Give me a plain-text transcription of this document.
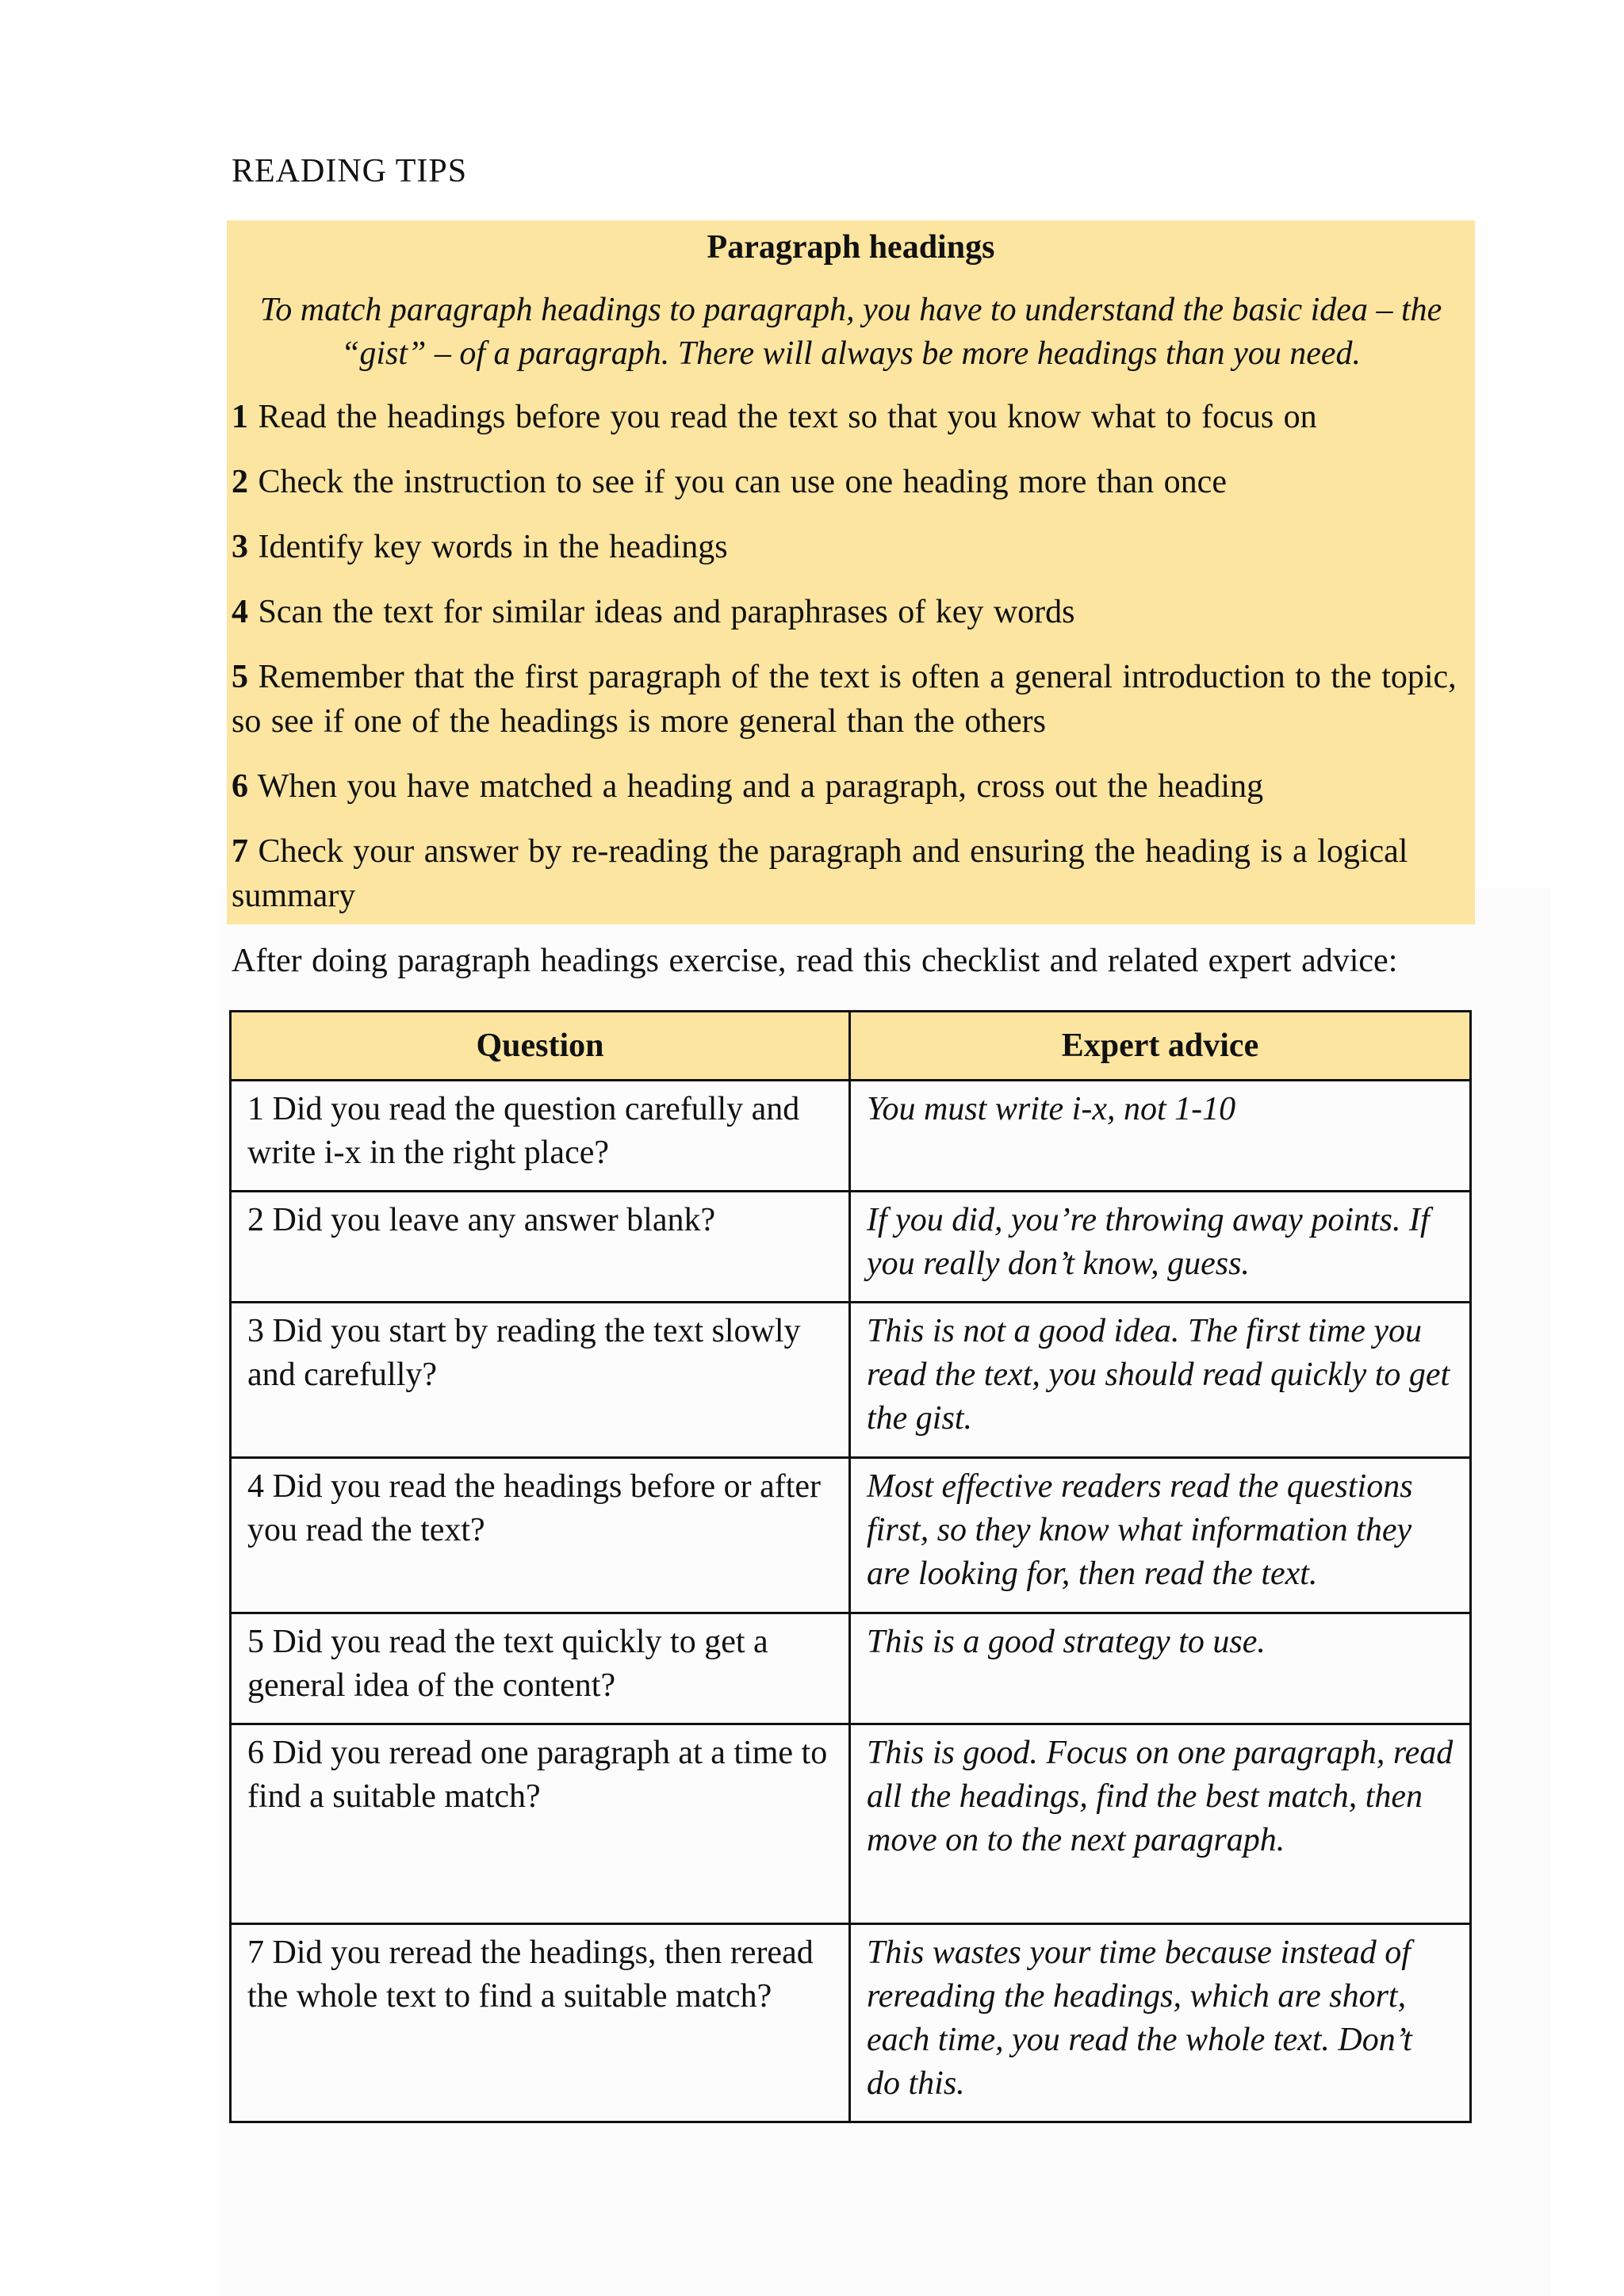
READING TIPS
Paragraph headings
To match paragraph headings to paragraph, you have to understand the basic idea – the “gist” – of a paragraph. There will always be more headings than you need.
1 Read the headings before you read the text so that you know what to focus on
2 Check the instruction to see if you can use one heading more than once
3 Identify key words in the headings
4 Scan the text for similar ideas and paraphrases of key words
5 Remember that the first paragraph of the text is often a general introduction to the topic, so see if one of the headings is more general than the others
6 When you have matched a heading and a paragraph, cross out the heading
7 Check your answer by re-reading the paragraph and ensuring the heading is a logical summary
After doing paragraph headings exercise, read this checklist and related expert advice:
Question	Expert advice
1 Did you read the question carefully and write i-x in the right place?	You must write i-x, not 1-10
2 Did you leave any answer blank?	If you did, you’re throwing away points. If you really don’t know, guess.
3 Did you start by reading the text slowly and carefully?	This is not a good idea. The first time you read the text, you should read quickly to get the gist.
4 Did you read the headings before or after you read the text?	Most effective readers read the questions first, so they know what information they are looking for, then read the text.
5 Did you read the text quickly to get a general idea of the content?	This is a good strategy to use.
6 Did you reread one paragraph at a time to find a suitable match?	This is good. Focus on one paragraph, read all the headings, find the best match, then move on to the next paragraph.
7 Did you reread the headings, then reread the whole text to find a suitable match?	This wastes your time because instead of rereading the headings, which are short, each time, you read the whole text. Don’t do this.
